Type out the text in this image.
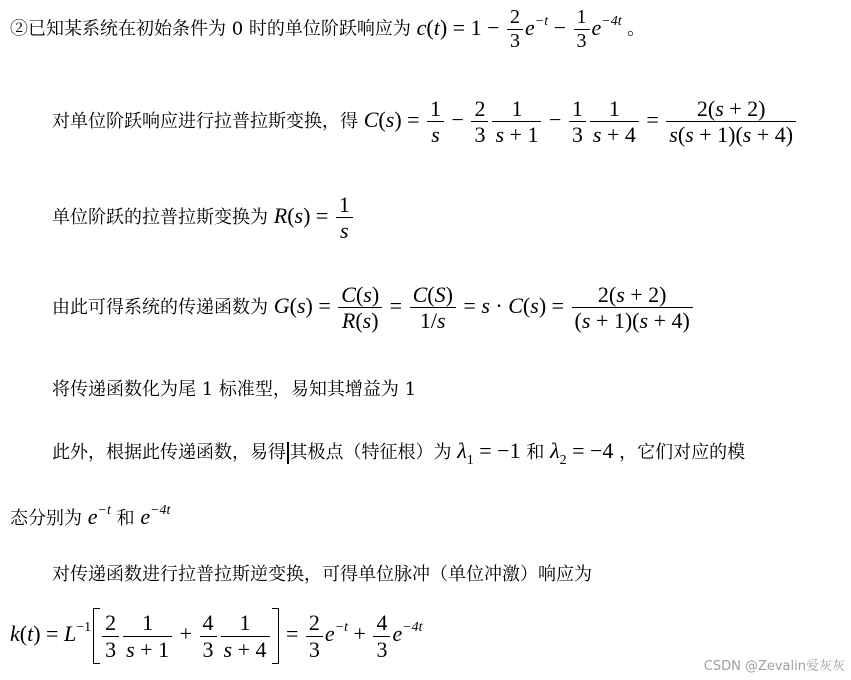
②已知某系统在初始条件为 0 时的单位阶跃响应为 $c(t) = 1 - \frac{2}{3} e^{-t} - \frac{1}{3} e^{-4t}$ 。
对单位阶跃响应进行拉普拉斯变换，得 $C(s) = \frac{1}{s} - \frac{2}{3} \frac{1}{s + 1} - \frac{1}{3} \frac{1}{s + 4} = \frac{2(s + 2)}{s(s + 1)(s + 4)}$
单位阶跃的拉普拉斯变换为 $R(s) = \frac{1}{s}$
由此可得系统的传递函数为 $G(s) = \frac{C(s)}{R(s)} = \frac{C(S)}{1/s} = s \cdot C(s) = \frac{2(s + 2)}{(s + 1)(s + 4)}$
将传递函数化为尾 1 标准型，易知其增益为 1
此外，根据此传递函数，易得 其极点（特征根）为 $\lambda_1 = -1$ 和 $\lambda_2 = -4$ ，它们对应的模
态分别为 $e^{-t}$ 和 $e^{-4t}$
对传递函数进行拉普拉斯逆变换，可得单位脉冲（单位冲激）响应为
$k(t) = L^{-1} \frac{2}{3} \frac{1}{s + 1} + \frac{4}{3} \frac{1}{s + 4} = \frac{2}{3} e^{-t} + \frac{4}{3} e^{-4t}$
CSDN @Zevalin爱灰灰
